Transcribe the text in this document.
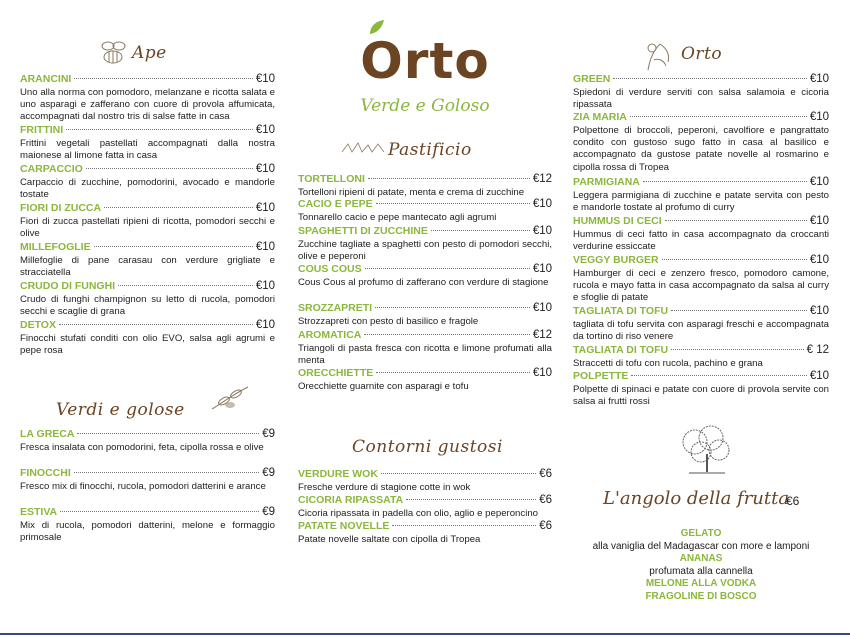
Orto
Verde e Goloso
Ape
ARANCINI	€10
Uno alla norma con pomodoro, melanzane e ricotta salata e uno asparagi e zafferano con cuore di provola affumicata, accompagnati dal nostro tris di salse fatte in casa
FRITTINI	€10
Frittini vegetali pastellati accompagnati dalla nostra maionese al limone fatta in casa
CARPACCIO	€10
Carpaccio di zucchine, pomodorini, avocado e mandorle tostate
FIORI DI ZUCCA	€10
Fiori di zucca pastellati ripieni di ricotta, pomodori secchi e olive
MILLEFOGLIE	€10
Millefoglie di pane carasau con verdure grigliate e stracciatella
CRUDO DI FUNGHI	€10
Crudo di funghi champignon su letto di rucola, pomodori secchi e scaglie di grana
DETOX	€10
Finocchi stufati conditi con olio EVO, salsa agli agrumi e pepe rosa
Verdi e golose
LA GRECA	€9
Fresca insalata con pomodorini, feta, cipolla rossa e olive
FINOCCHI	€9
Fresco mix di finocchi, rucola, pomodori datterini e arance
ESTIVA	€9
Mix di rucola, pomodori datterini, melone e formaggio primosale
Pastificio
TORTELLONI	€12
Tortelloni ripieni di patate, menta e crema di zucchine
CACIO E PEPE	€10
Tonnarello cacio e pepe mantecato agli agrumi
SPAGHETTI DI ZUCCHINE	€10
Zucchine tagliate a spaghetti con pesto di pomodori secchi, olive e peperoni
COUS COUS	€10
Cous Cous al profumo di zafferano con verdure di stagione
SROZZAPRETI	€10
Strozzapreti con pesto di basilico e fragole
AROMATICA	€12
Triangoli di pasta fresca con ricotta e limone profumati alla menta
ORECCHIETTE	€10
Orecchiette guarnite con asparagi e tofu
Contorni gustosi
VERDURE WOK	€6
Fresche verdure di stagione cotte in wok
CICORIA RIPASSATA	€6
Cicoria ripassata in padella con olio, aglio e peperoncino
PATATE NOVELLE	€6
Patate novelle saltate con cipolla di Tropea
Orto
GREEN	€10
Spiedoni di verdure serviti con salsa salamoia e cicoria ripassata
ZIA MARIA	€10
Polpettone di broccoli, peperoni, cavolfiore e pangrattato condito con gustoso sugo fatto in casa al basilico e accompagnato da gustose patate novelle al rosmarino e cipolla rossa di Tropea
PARMIGIANA	€10
Leggera parmigiana di zucchine e patate servita con pesto e mandorle tostate al profumo di curry
HUMMUS DI CECI	€10
Hummus di ceci fatto in casa accompagnato da croccanti verdurine essiccate
VEGGY BURGER	€10
Hamburger di ceci e zenzero fresco, pomodoro camone, rucola e mayo fatta in casa accompagnato da salsa al curry e sfoglie di patate
TAGLIATA DI TOFU	€10
tagliata di tofu servita con asparagi freschi e accompagnata da tortino di riso venere
TAGLIATA DI TOFU	€ 12
Straccetti di tofu con rucola, pachino e grana
POLPETTE	€10
Polpette di spinaci e patate con cuore di provola servite con salsa ai frutti rossi
L'angolo della frutta
€6
GELATO
alla vaniglia del Madagascar con more e lamponi
ANANAS
profumata alla cannella
MELONE ALLA VODKA
FRAGOLINE DI BOSCO
